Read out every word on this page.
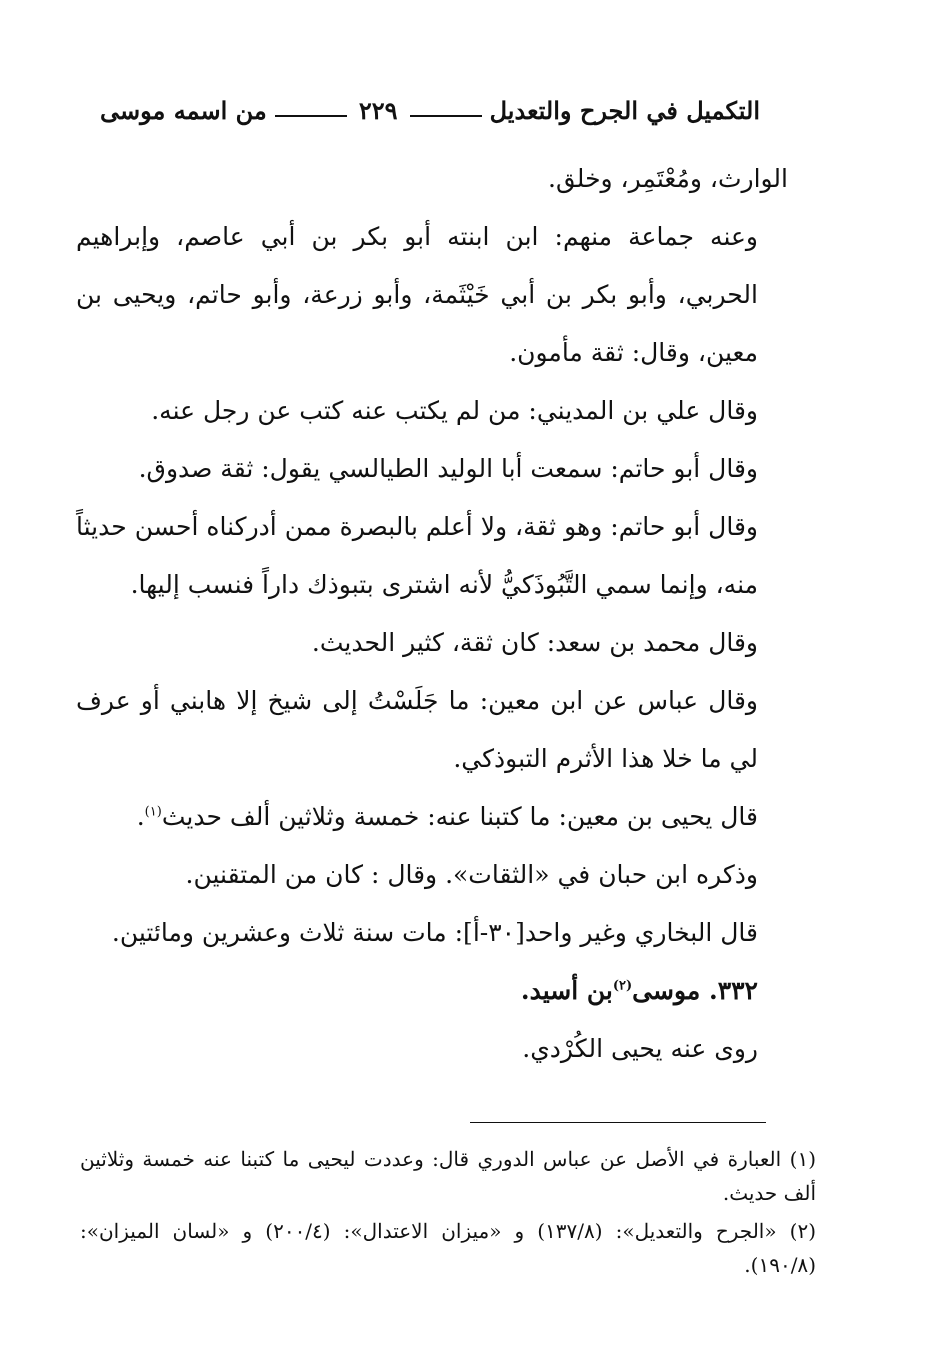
التكميل في الجرح والتعديل
٢٢٩
من اسمه موسى

الوارث، ومُعْتَمِر، وخلق.

وعنه جماعة منهم: ابن ابنته أبو بكر بن أبي عاصم، وإبراهيم الحربي، وأبو بكر بن أبي خَيْثَمة، وأبو زرعة، وأبو حاتم، ويحيى بن معين، وقال: ثقة مأمون.

وقال علي بن المديني: من لم يكتب عنه كتب عن رجل عنه.

وقال أبو حاتم: سمعت أبا الوليد الطيالسي يقول: ثقة صدوق.

وقال أبو حاتم: وهو ثقة، ولا أعلم بالبصرة ممن أدركناه أحسن حديثاً منه، وإنما سمي التَّبُوذَكيُّ لأنه اشترى بتبوذك داراً فنسب إليها.

وقال محمد بن سعد: كان ثقة، كثير الحديث.

وقال عباس عن ابن معين: ما جَلَسْتُ إلى شيخ إلا هابني أو عرف لي ما خلا هذا الأثرم التبوذكي.

قال يحيى بن معين: ما كتبنا عنه: خمسة وثلاثين ألف حديث$^{(١)}$.

وذكره ابن حبان في «الثقات». وقال : كان من المتقنين.

قال البخاري وغير واحد[٣٠-أ]: مات سنة ثلاث وعشرين ومائتين.

٣٣٢. موسى$^{(٢)}$بن أسيد.

روى عنه يحيى الكُرْدي.

(١) العبارة في الأصل عن عباس الدوري قال: وعددت ليحيى ما كتبنا عنه خمسة وثلاثين ألف حديث.

(٢) «الجرح والتعديل»: (١٣٧/٨) و «ميزان الاعتدال»: (٢٠٠/٤) و «لسان الميزان»: (١٩٠/٨).
